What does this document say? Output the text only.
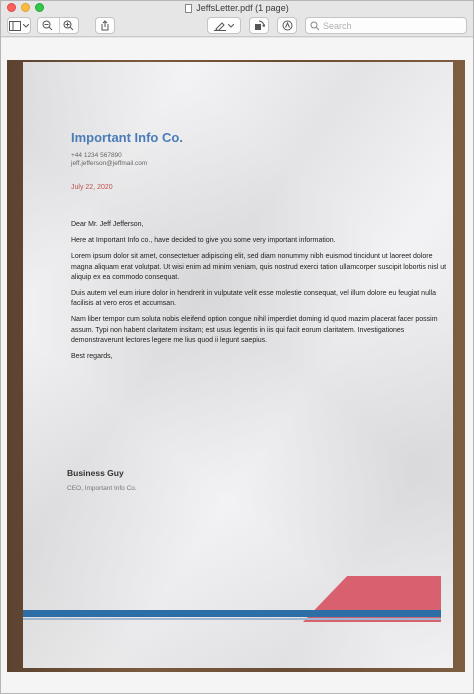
JeffsLetter.pdf (1 page)
Search
Important Info Co.
+44 1234 567890
jeff.jefferson@jeffmail.com
July 22, 2020

Dear Mr. Jeff Jefferson,

Here at Important Info co., have decided to give you some very important information.

Lorem ipsum dolor sit amet, consectetuer adipiscing elit, sed diam nonummy nibh euismod tincidunt ut laoreet dolore magna aliquam erat volutpat. Ut wisi enim ad minim veniam, quis nostrud exerci tation ullamcorper suscipit lobortis nisl ut aliquip ex ea commodo consequat.

Duis autem vel eum iriure dolor in hendrerit in vulputate velit esse molestie consequat, vel illum dolore eu feugiat nulla facilisis at vero eros et accumsan.

Nam liber tempor cum soluta nobis eleifend option congue nihil imperdiet doming id quod mazim placerat facer possim assum. Typi non habent claritatem insitam; est usus legentis in iis qui facit eorum claritatem. Investigationes demonstraverunt lectores legere me lius quod ii legunt saepius.

Best regards,

Business Guy
CEO, Important Info Co.
